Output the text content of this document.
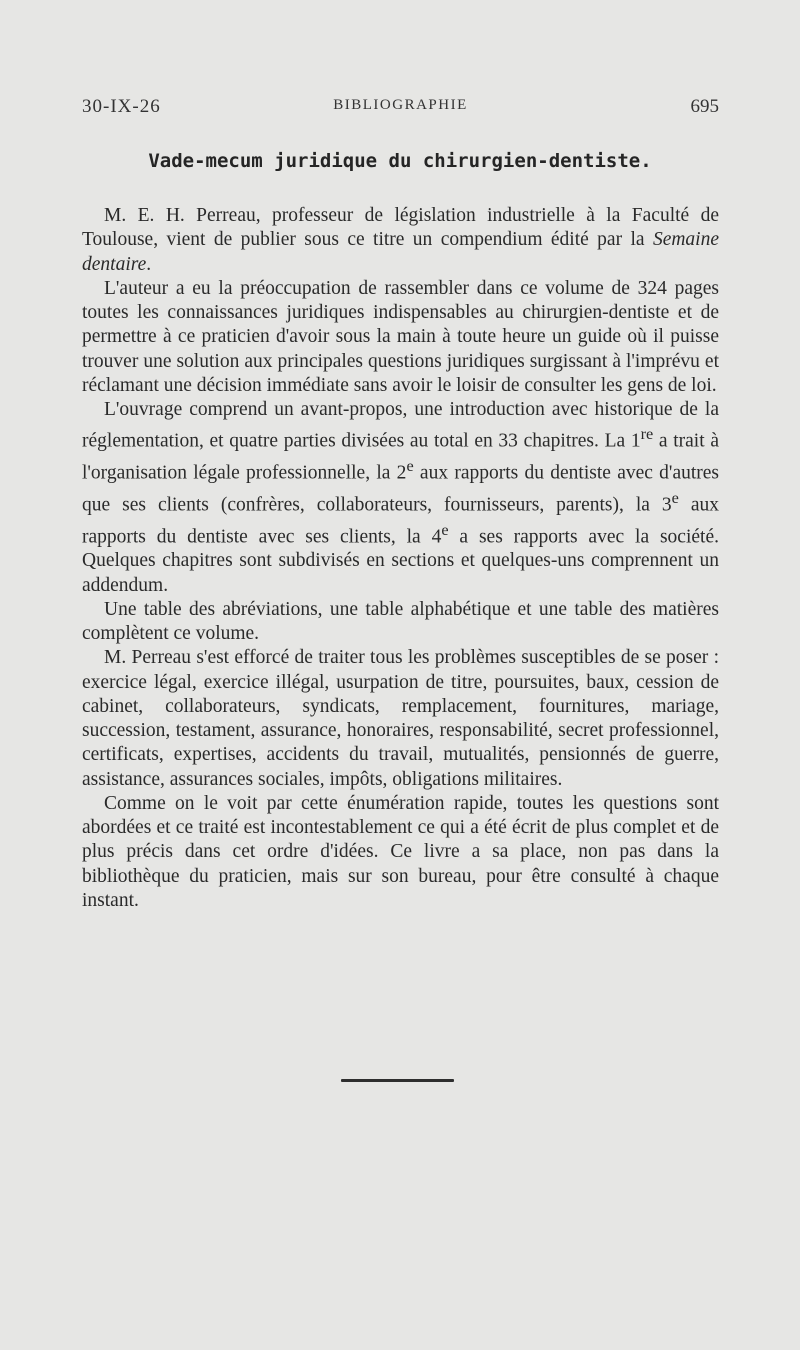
30-IX-26	BIBLIOGRAPHIE	695
Vade-mecum juridique du chirurgien-dentiste.

M. E. H. Perreau, professeur de législation industrielle à la Faculté de Toulouse, vient de publier sous ce titre un compendium édité par la Semaine dentaire.

L'auteur a eu la préoccupation de rassembler dans ce volume de 324 pages toutes les connaissances juridiques indispensables au chirurgien-dentiste et de permettre à ce praticien d'avoir sous la main à toute heure un guide où il puisse trouver une solution aux principales questions juridiques surgissant à l'imprévu et réclamant une décision immédiate sans avoir le loisir de consulter les gens de loi.

L'ouvrage comprend un avant-propos, une introduction avec historique de la réglementation, et quatre parties divisées au total en 33 chapitres. La 1re a trait à l'organisation légale professionnelle, la 2e aux rapports du dentiste avec d'autres que ses clients (confrères, collaborateurs, fournisseurs, parents), la 3e aux rapports du dentiste avec ses clients, la 4e a ses rapports avec la société. Quelques chapitres sont subdivisés en sections et quelques-uns comprennent un addendum.

Une table des abréviations, une table alphabétique et une table des matières complètent ce volume.

M. Perreau s'est efforcé de traiter tous les problèmes susceptibles de se poser : exercice légal, exercice illégal, usurpation de titre, poursuites, baux, cession de cabinet, collaborateurs, syndicats, remplacement, fournitures, mariage, succession, testament, assurance, honoraires, responsabilité, secret professionnel, certificats, expertises, accidents du travail, mutualités, pensionnés de guerre, assistance, assurances sociales, impôts, obligations militaires.

Comme on le voit par cette énumération rapide, toutes les questions sont abordées et ce traité est incontestablement ce qui a été écrit de plus complet et de plus précis dans cet ordre d'idées. Ce livre a sa place, non pas dans la bibliothèque du praticien, mais sur son bureau, pour être consulté à chaque instant.
